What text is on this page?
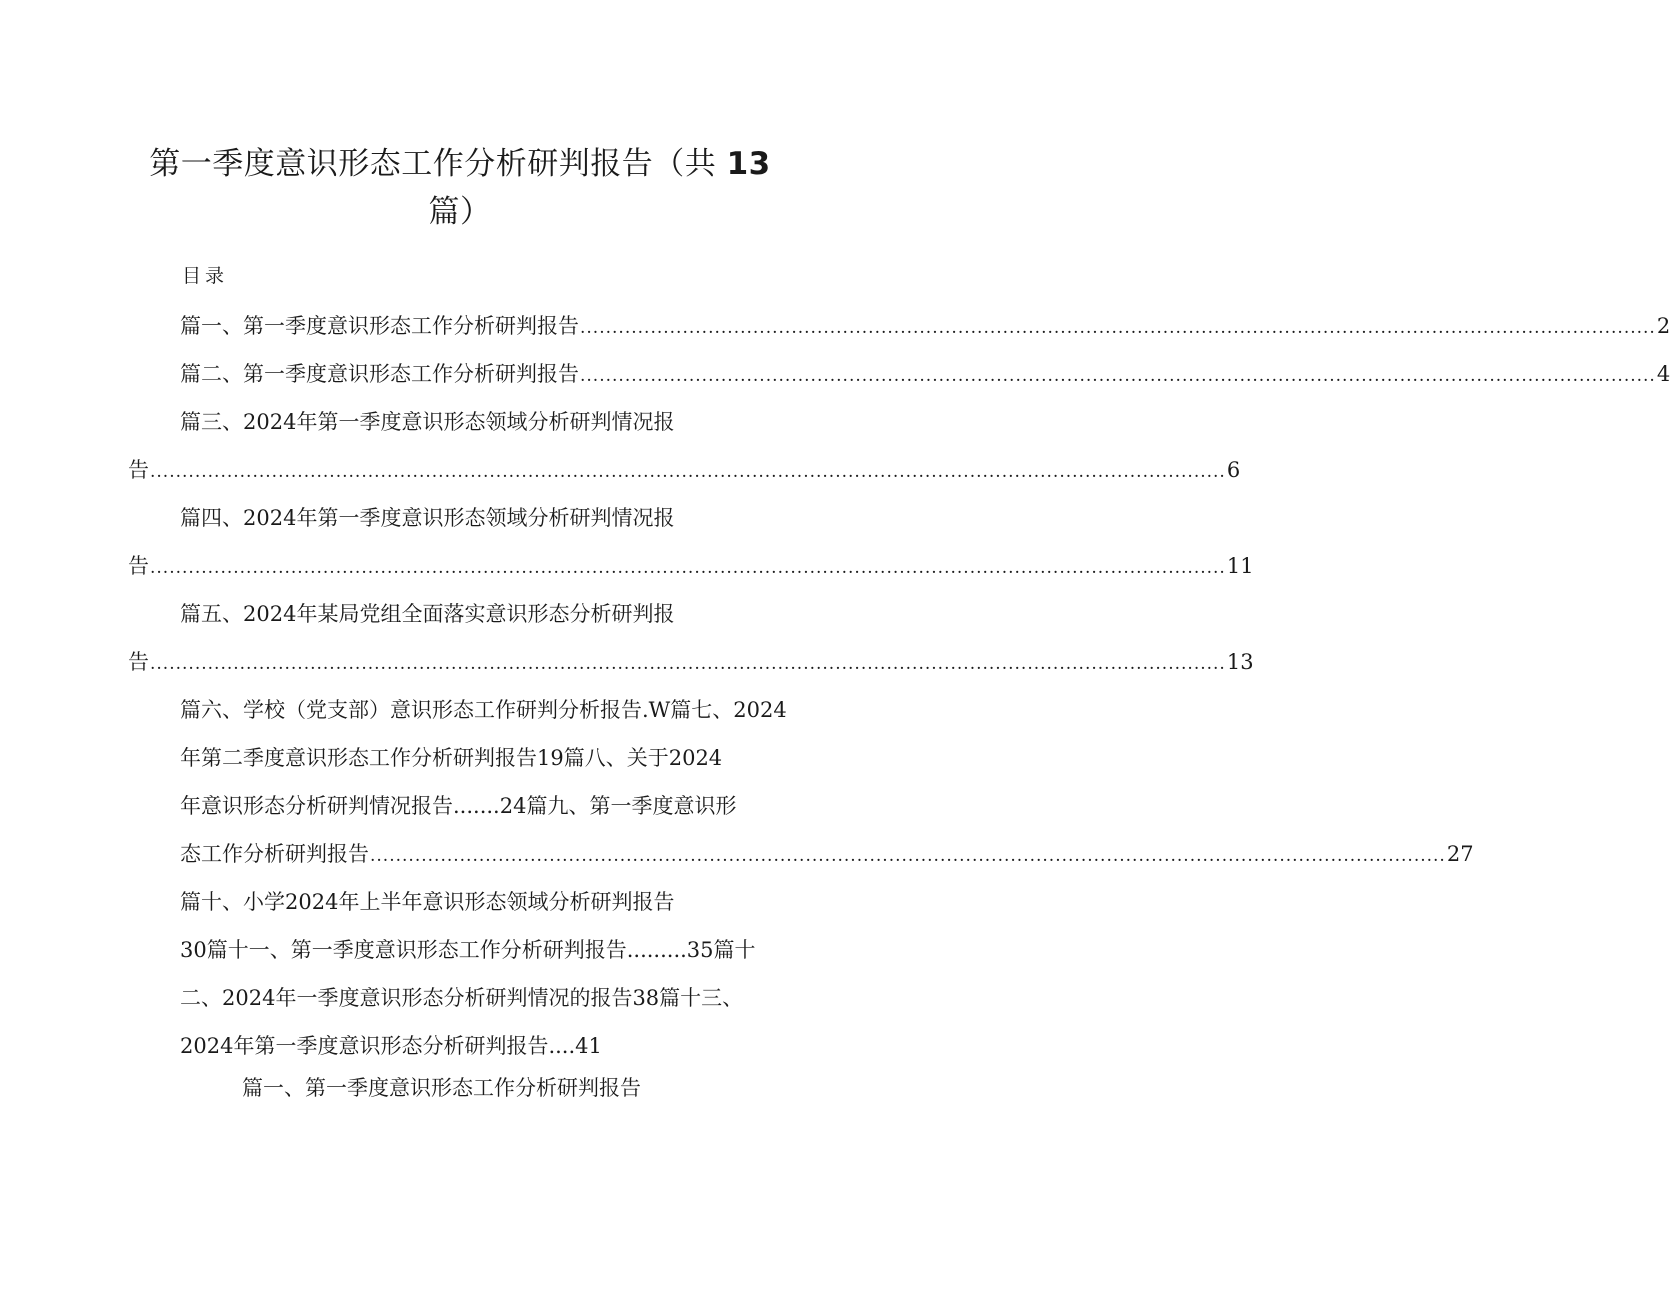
第一季度意识形态工作分析研判报告（共 13
篇）
目录
篇一、第一季度意识形态工作分析研判报告 ........................................................................................................................................................................ 2
篇二、第一季度意识形态工作分析研判报告 ........................................................................................................................................................................ 4
篇三、2024年第一季度意识形态领域分析研判情况报
告 ........................................................................................................................................................................ 6
篇四、2024年第一季度意识形态领域分析研判情况报
告 ........................................................................................................................................................................ 11
篇五、2024年某局党组全面落实意识形态分析研判报
告 ........................................................................................................................................................................ 13
篇六、学校（党支部）意识形态工作研判分析报告.W篇七、2024
年第二季度意识形态工作分析研判报告19篇八、关于2024
年意识形态分析研判情况报告.......24篇九、第一季度意识形
态工作分析研判报告 ........................................................................................................................................................................ 27
篇十、小学2024年上半年意识形态领域分析研判报告
30篇十一、第一季度意识形态工作分析研判报告.........35篇十
二、2024年一季度意识形态分析研判情况的报告38篇十三、
2024年第一季度意识形态分析研判报告....41
篇一、第一季度意识形态工作分析研判报告
